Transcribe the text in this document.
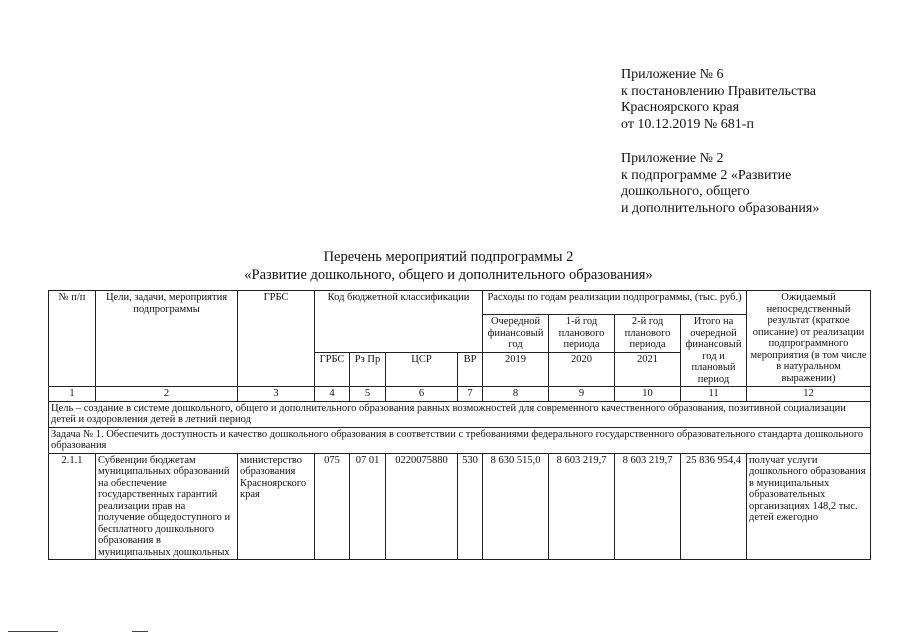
Приложение № 6
к постановлению Правительства
Красноярского края
от 10.12.2019 № 681-п
Приложение № 2
к подпрограмме 2 «Развитие
дошкольного, общего
и дополнительного образования»
Перечень мероприятий подпрограммы 2
«Развитие дошкольного, общего и дополнительного образования»
№ п/п	Цели, задачи, мероприятия подпрограммы	ГРБС	Код бюджетной классификации				Расходы по годам реализации подпрограммы, (тыс. руб.)				Ожидаемый непосредственный результат (краткое описание) от реализации подпрограммного мероприятия (в том числе в натуральном выражении)
							Очередной финансовый год	1-й год планового периода	2-й год планового периода	Итого на очередной финансовый год и плановый период	
			ГРБС	Рз Пр	ЦСР	ВР	2019	2020	2021		
1	2	3	4	5	6	7	8	9	10	11	12
Цель – создание в системе дошкольного, общего и дополнительного образования равных возможностей для современного качественного образования, позитивной социализации детей и оздоровления детей в летний период											
Задача № 1. Обеспечить доступность и качество дошкольного образования в соответствии с требованиями федерального государственного образовательного стандарта дошкольного образования											
2.1.1	Субвенции бюджетам муниципальных образований на обеспечение государственных гарантий реализации прав на получение общедоступного и бесплатного дошкольного образования в муниципальных дошкольных	министерство образования Красноярского края	075	07 01	0220075880	530	8 630 515,0	8 603 219,7	8 603 219,7	25 836 954,4	получат услуги дошкольного образования в муниципальных образовательных организациях 148,2 тыс. детей ежегодно
